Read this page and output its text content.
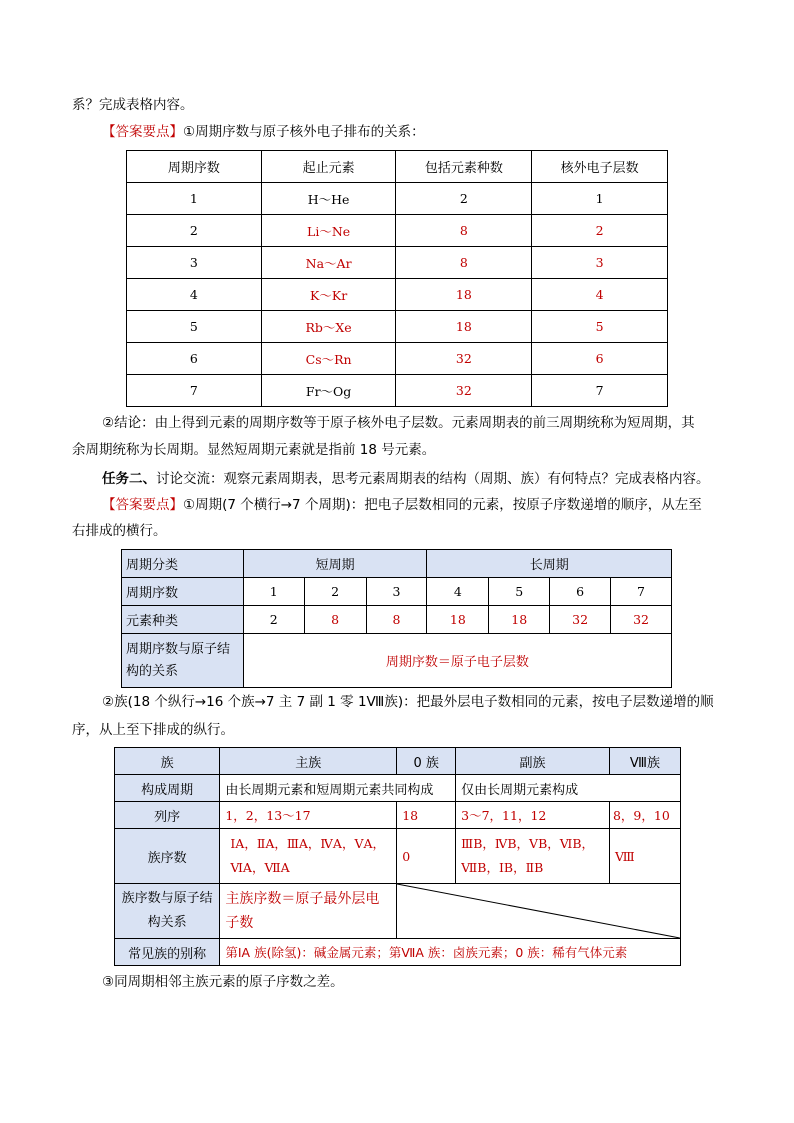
系？完成表格内容。
【答案要点】①周期序数与原子核外电子排布的关系：
周期序数	起止元素	包括元素种数	核外电子层数
1	H～He	2	1
2	Li～Ne	8	2
3	Na～Ar	8	3
4	K～Kr	18	4
5	Rb～Xe	18	5
6	Cs～Rn	32	6
7	Fr～Og	32	7
②结论：由上得到元素的周期序数等于原子核外电子层数。元素周期表的前三周期统称为短周期，其
余周期统称为长周期。显然短周期元素就是指前 18 号元素。
任务二、讨论交流：观察元素周期表，思考元素周期表的结构（周期、族）有何特点？完成表格内容。
【答案要点】①周期(7 个横行→7 个周期)：把电子层数相同的元素，按原子序数递增的顺序，从左至
右排成的横行。
周期分类	短周期			长周期			
周期序数	1	2	3	4	5	6	7
元素种类	2	8	8	18	18	32	32
周期序数与原子结构的关系	周期序数＝原子电子层数						
②族(18 个纵行→16 个族→7 主 7 副 1 零 1Ⅷ族)：把最外层电子数相同的元素，按电子层数递增的顺
序，从上至下排成的纵行。
族	主族	0 族	副族	Ⅷ族
构成周期	由长周期元素和短周期元素共同构成		仅由长周期元素构成	
列序	1，2，13～17	18	3～7，11，12	8，9，10
族序数	ⅠA，ⅡA，ⅢA，ⅣA，ⅤA，ⅥA，ⅦA	0	ⅢB，ⅣB，ⅤB，ⅥB，ⅦB，ⅠB，ⅡB	Ⅷ
族序数与原子结构关系	主族序数＝原子最外层电子数	

常见族的别称	第ⅠA 族(除氢)：碱金属元素；第ⅦA 族：卤族元素；0 族：稀有气体元素			
③同周期相邻主族元素的原子序数之差。
